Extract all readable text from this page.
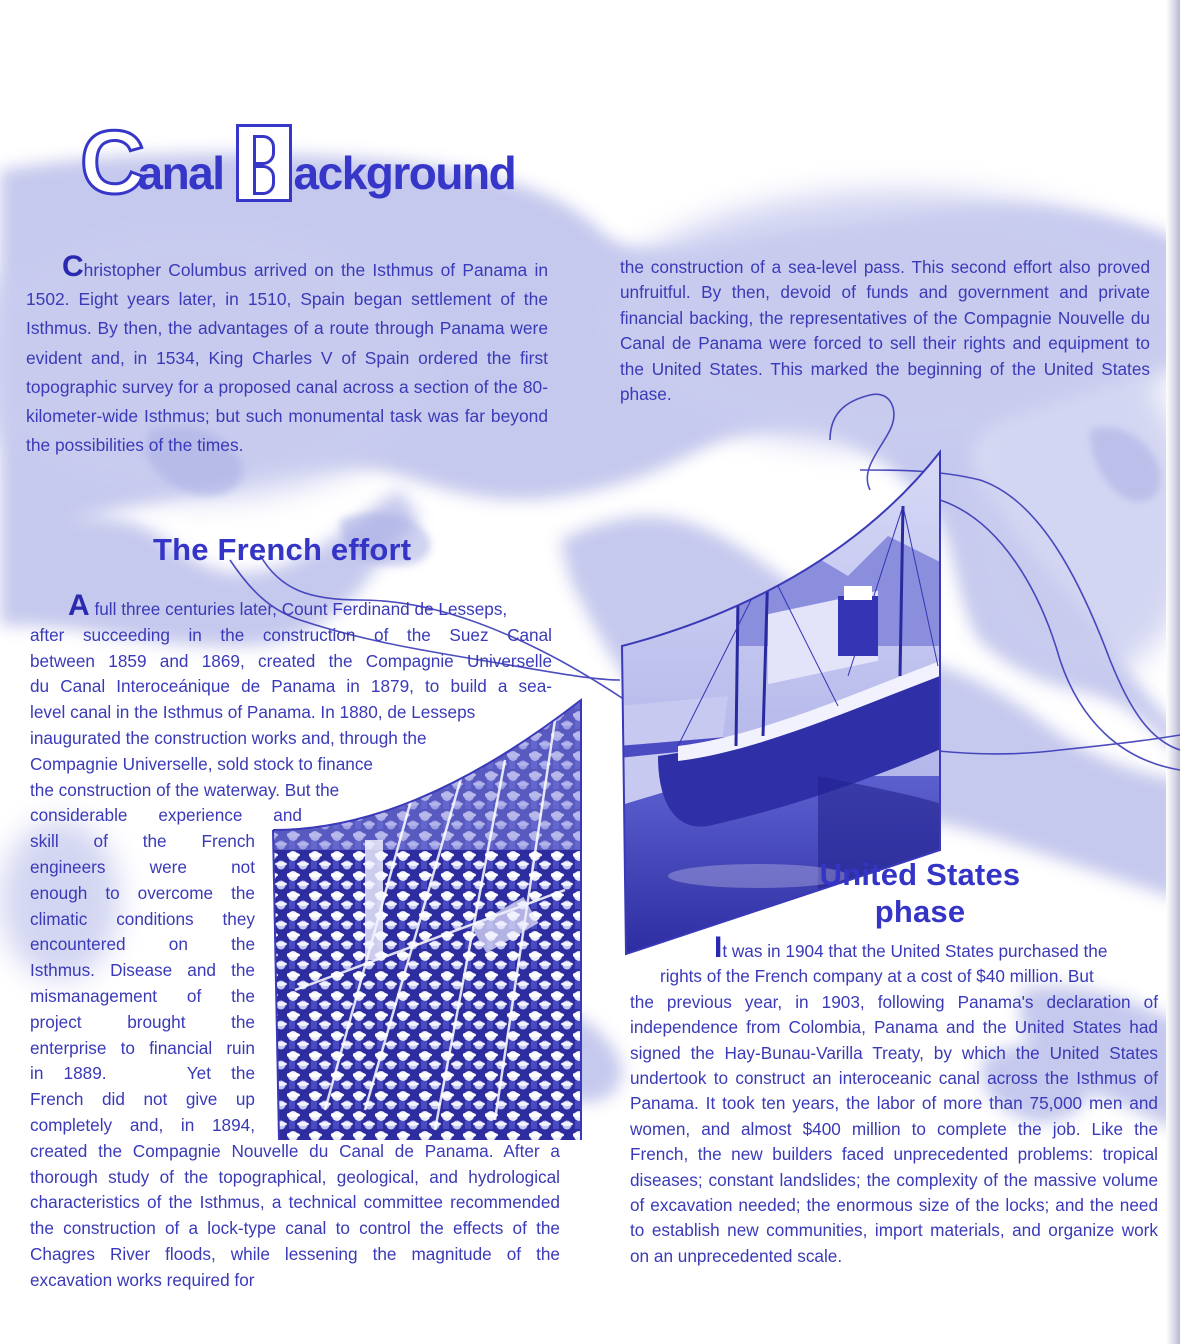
C
anal ackground

Christopher Columbus arrived on the Isthmus of Panama in 1502. Eight years later, in 1510, Spain began settlement of the Isthmus. By then, the advantages of a route through Panama were evident and, in 1534, King Charles V of Spain ordered the first topographic survey for a proposed canal across a section of the 80-kilometer-wide Isthmus; but such monumental task was far beyond the possibilities of the times.

the construction of a sea-level pass. This second effort also proved unfruitful. By then, devoid of funds and government and private financial backing, the representatives of the Compagnie Nouvelle du Canal de Panama were forced to sell their rights and equipment to the United States. This marked the beginning of the United States phase.

The French effort
A full three centuries later, Count Ferdinand de Lesseps,
after succeeding in the construction of the Suez Canal
between 1859 and 1869, created the Compagnie Universelle
du Canal Interoceánique de Panama in 1879, to build a sea-
level canal in the Isthmus of Panama. In 1880, de Lesseps
inaugurated the construction works and, through the
Compagnie Universelle, sold stock to finance
the construction of the waterway. But the
considerable experience and
skill of the French
engineers were not
enough to overcome the
climatic conditions they
encountered on the
Isthmus. Disease and the
mismanagement of the
project brought the
enterprise to financial ruin
in 1889.    Yet the
French did not give up
completely and, in 1894,
created the Compagnie Nouvelle du Canal de Panama. After a thorough study of the topographical, geological, and hydrological characteristics of the Isthmus, a technical committee recommended the construction of a lock-type canal to control the effects of the Chagres River floods, while lessening the magnitude of the excavation works required for
United States
phase
It was in 1904 that the United States purchased the
rights of the French company at a cost of $40 million. But
the previous year, in 1903, following Panama's declaration of independence from Colombia, Panama and the United States had signed the Hay-Bunau-Varilla Treaty, by which the United States undertook to construct an interoceanic canal across the Isthmus of Panama. It took ten years, the labor of more than 75,000 men and women, and almost $400 million to complete the job. Like the French, the new builders faced unprecedented problems: tropical diseases; constant landslides; the complexity of the massive volume of excavation needed; the enormous size of the locks; and the need to establish new communities, import materials, and organize work on an unprecedented scale.
